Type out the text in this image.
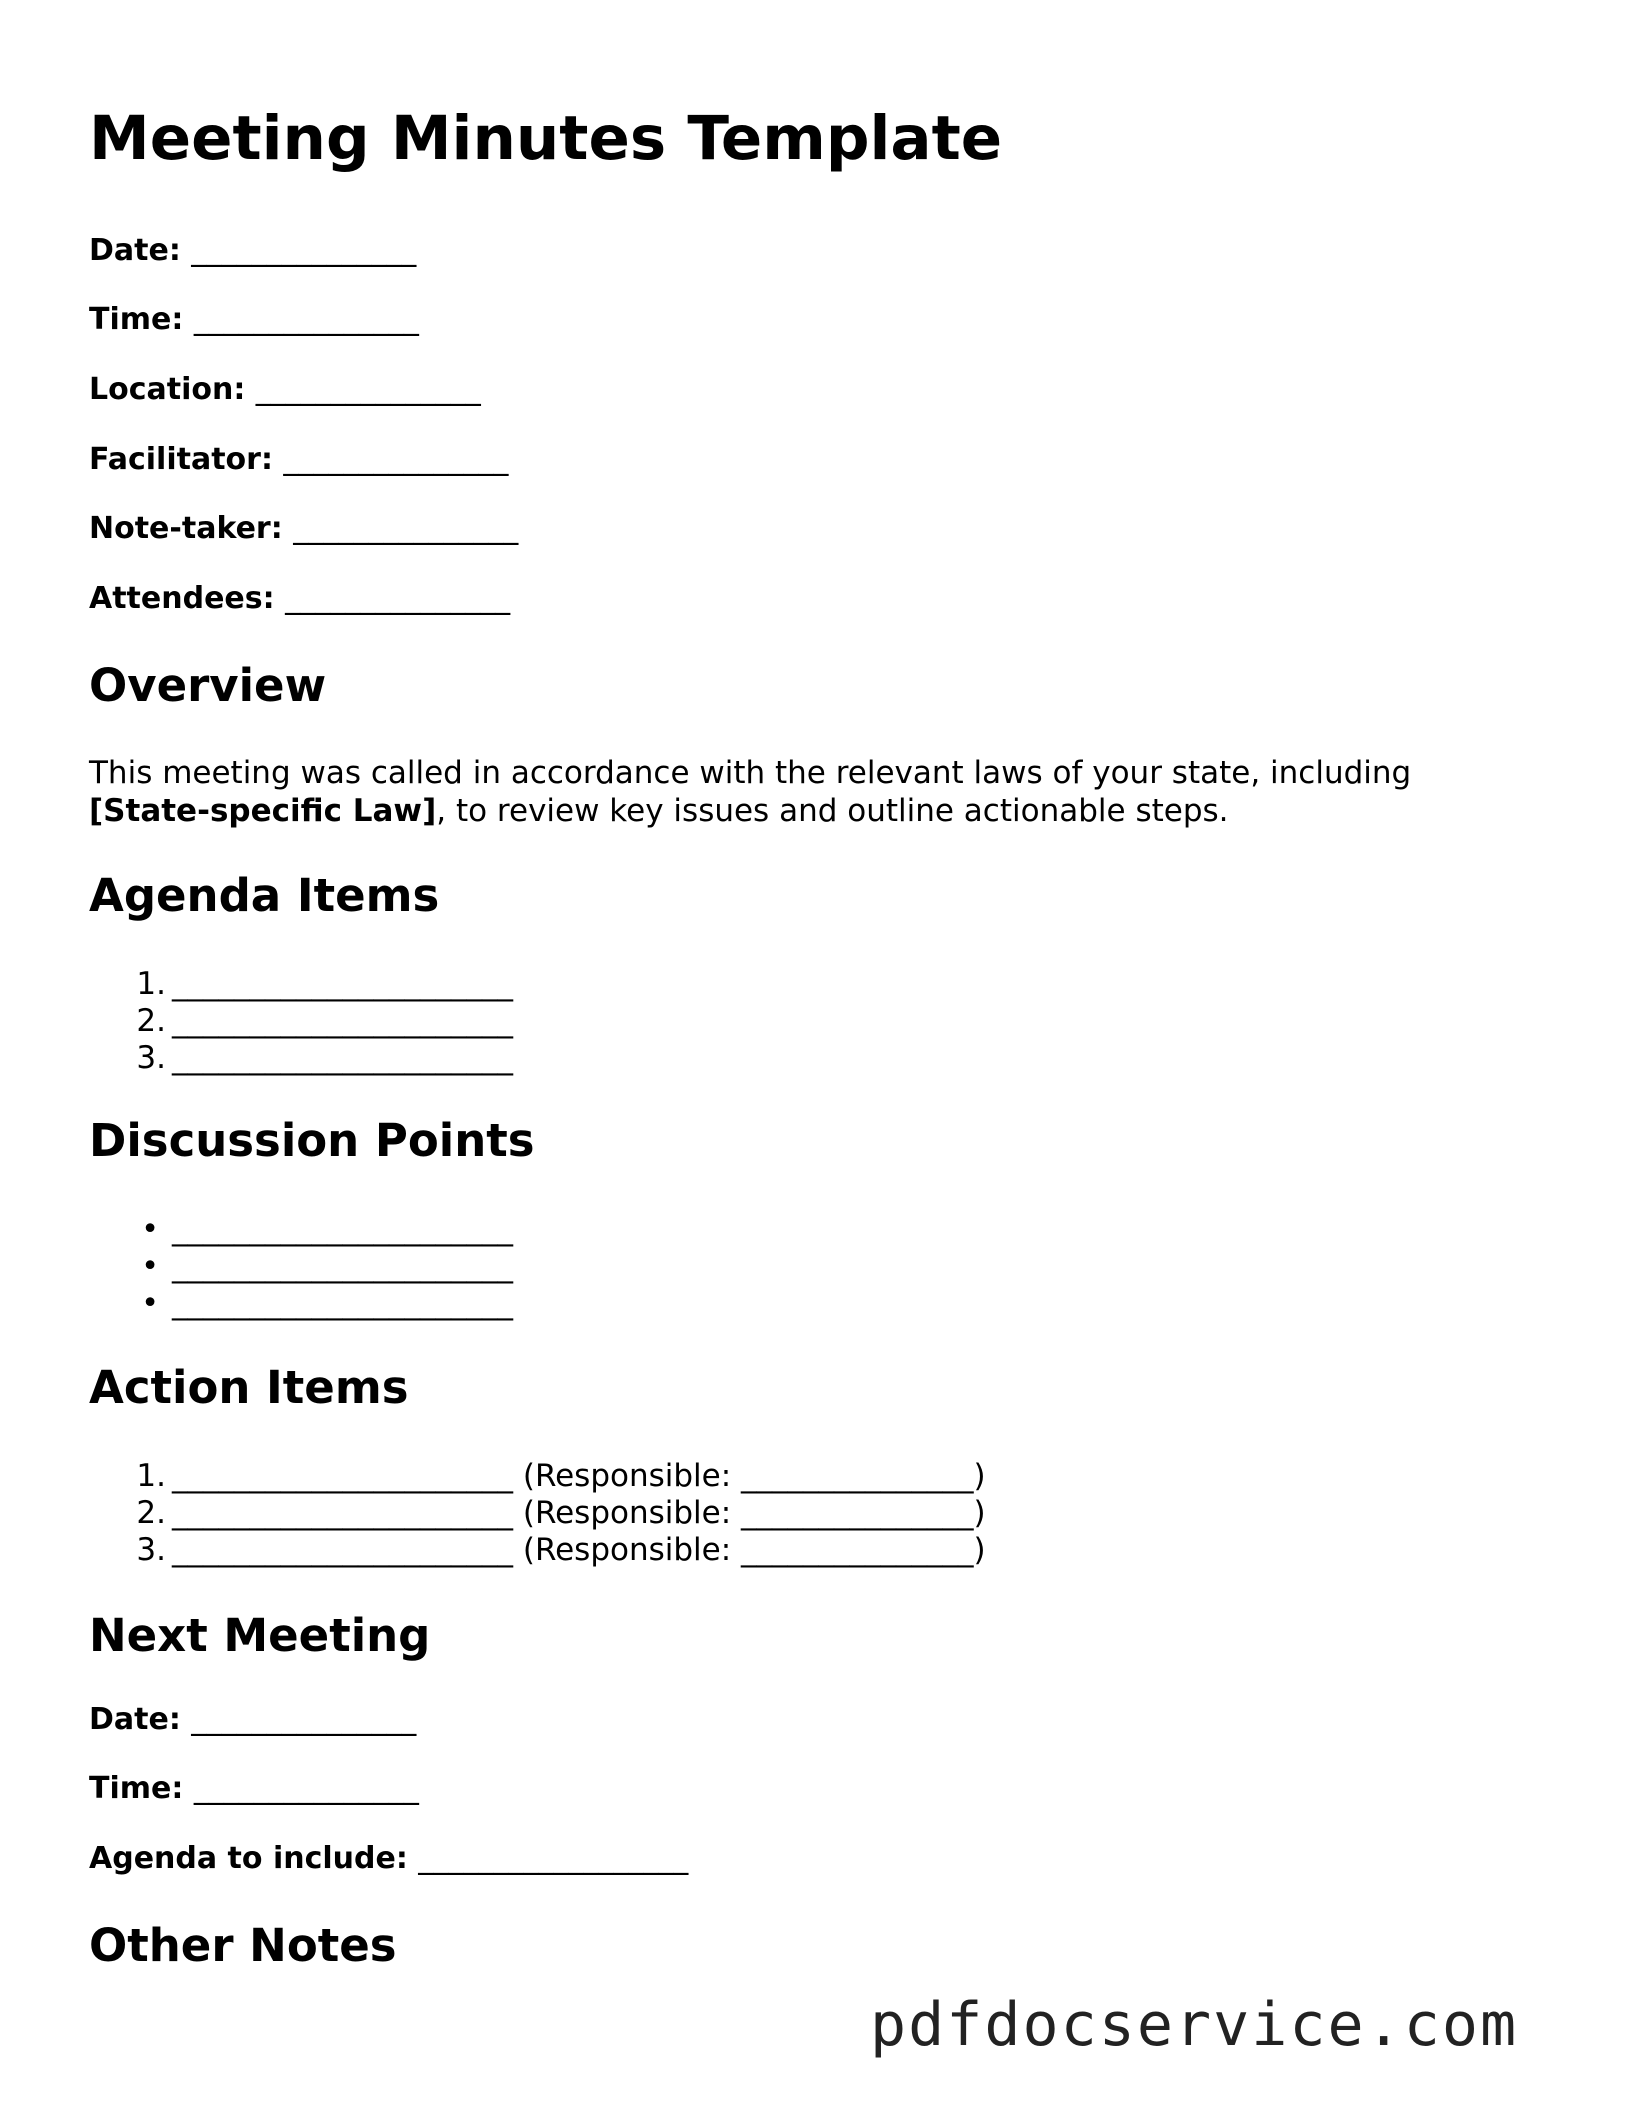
Meeting Minutes Template
Date: _______________
Time: _______________
Location: _______________
Facilitator: _______________
Note-taker: _______________
Attendees: _______________
Overview
This meeting was called in accordance with the relevant laws of your state, including
[State-specific Law], to review key issues and outline actionable steps.
Agenda Items
1. ______________________
2. ______________________
3. ______________________
Discussion Points
• ______________________
• ______________________
• ______________________
Action Items
1. ______________________ (Responsible: _______________)
2. ______________________ (Responsible: _______________)
3. ______________________ (Responsible: _______________)
Next Meeting
Date: _______________
Time: _______________
Agenda to include: __________________
Other Notes
pdfdocservice.com
